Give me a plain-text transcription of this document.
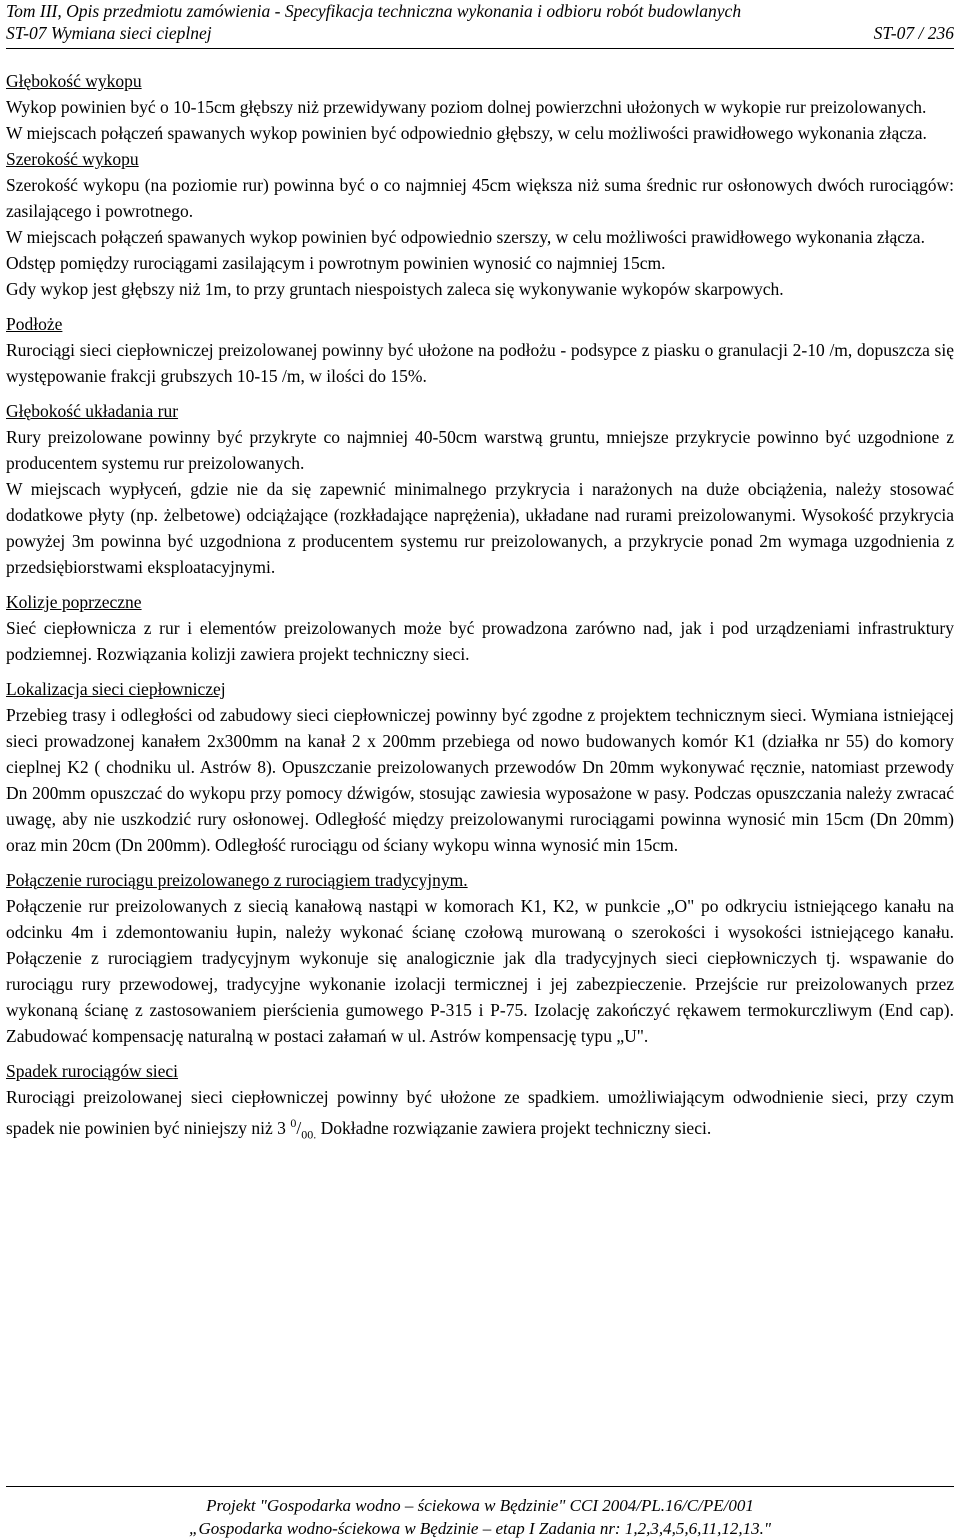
Tom III, Opis przedmiotu zamówienia - Specyfikacja techniczna wykonania i odbioru robót budowlanych
ST-07 Wymiana sieci cieplnej	ST-07 / 236

Głębokość wykopu

Wykop powinien być o 10-15cm głębszy niż przewidywany poziom dolnej powierzchni ułożonych w wykopie rur preizolowanych.

W miejscach połączeń spawanych wykop powinien być odpowiednio głębszy, w celu możliwości prawidłowego wykonania złącza.

Szerokość wykopu

Szerokość wykopu (na poziomie rur) powinna być o co najmniej 45cm większa niż suma średnic rur osłonowych dwóch rurociągów: zasilającego i powrotnego.

W miejscach połączeń spawanych wykop powinien być odpowiednio szerszy, w celu możliwości prawidłowego wykonania złącza.

Odstęp pomiędzy rurociągami zasilającym i powrotnym powinien wynosić co najmniej 15cm.

Gdy wykop jest głębszy niż 1m, to przy gruntach niespoistych zaleca się wykonywanie wykopów skarpowych.

Podłoże

Rurociągi sieci ciepłowniczej preizolowanej powinny być ułożone na podłożu - podsypce z piasku o granulacji 2-10 /m, dopuszcza się występowanie frakcji grubszych 10-15 /m, w ilości do 15%.

Głębokość układania rur

Rury preizolowane powinny być przykryte co najmniej 40-50cm warstwą gruntu, mniejsze przykrycie powinno być uzgodnione z producentem systemu rur preizolowanych.

W miejscach wypłyceń, gdzie nie da się zapewnić minimalnego przykrycia i narażonych na duże obciążenia, należy stosować dodatkowe płyty (np. żelbetowe) odciążające (rozkładające naprężenia), układane nad rurami preizolowanymi. Wysokość przykrycia powyżej 3m powinna być uzgodniona z producentem systemu rur preizolowanych, a przykrycie ponad 2m wymaga uzgodnienia z przedsiębiorstwami eksploatacyjnymi.

Kolizje poprzeczne

Sieć ciepłownicza z rur i elementów preizolowanych może być prowadzona zarówno nad, jak i pod urządzeniami infrastruktury podziemnej. Rozwiązania kolizji zawiera projekt techniczny sieci.

Lokalizacja sieci ciepłowniczej

Przebieg trasy i odległości od zabudowy sieci ciepłowniczej powinny być zgodne z projektem technicznym sieci. Wymiana istniejącej sieci prowadzonej kanałem 2x300mm na kanał 2 x 200mm przebiega od nowo budowanych komór K1 (działka nr 55) do komory cieplnej K2 ( chodniku ul. Astrów 8). Opuszczanie preizolowanych przewodów Dn 20mm wykonywać ręcznie, natomiast przewody Dn 200mm opuszczać do wykopu przy pomocy dźwigów, stosując zawiesia wyposażone w pasy. Podczas opuszczania należy zwracać uwagę, aby nie uszkodzić rury osłonowej. Odległość między preizolowanymi rurociągami powinna wynosić min 15cm (Dn 20mm) oraz min 20cm (Dn 200mm). Odległość rurociągu od ściany wykopu winna wynosić min 15cm.

Połączenie rurociągu preizolowanego z rurociągiem tradycyjnym.

Połączenie rur preizolowanych z siecią kanałową nastąpi w komorach K1, K2, w punkcie „O" po odkryciu istniejącego kanału na odcinku 4m i zdemontowaniu łupin, należy wykonać ścianę czołową murowaną o szerokości i wysokości istniejącego kanału. Połączenie z rurociągiem tradycyjnym wykonuje się analogicznie jak dla tradycyjnych sieci ciepłowniczych tj. wspawanie do rurociągu rury przewodowej, tradycyjne wykonanie izolacji termicznej i jej zabezpieczenie. Przejście rur preizolowanych przez wykonaną ścianę z zastosowaniem pierścienia gumowego P-315 i P-75. Izolację zakończyć rękawem termokurczliwym (End cap). Zabudować kompensację naturalną w postaci załamań w ul. Astrów kompensację typu „U".

Spadek rurociągów sieci

Rurociągi preizolowanej sieci ciepłowniczej powinny być ułożone ze spadkiem. umożliwiającym odwodnienie sieci, przy czym spadek nie powinien być niniejszy niż 3 $^0/_{00.}$ Dokładne rozwiązanie zawiera projekt techniczny sieci.

Projekt "Gospodarka wodno – ściekowa w Będzinie" CCI 2004/PL.16/C/PE/001
„Gospodarka wodno-ściekowa w Będzinie – etap I Zadania nr: 1,2,3,4,5,6,11,12,13."
